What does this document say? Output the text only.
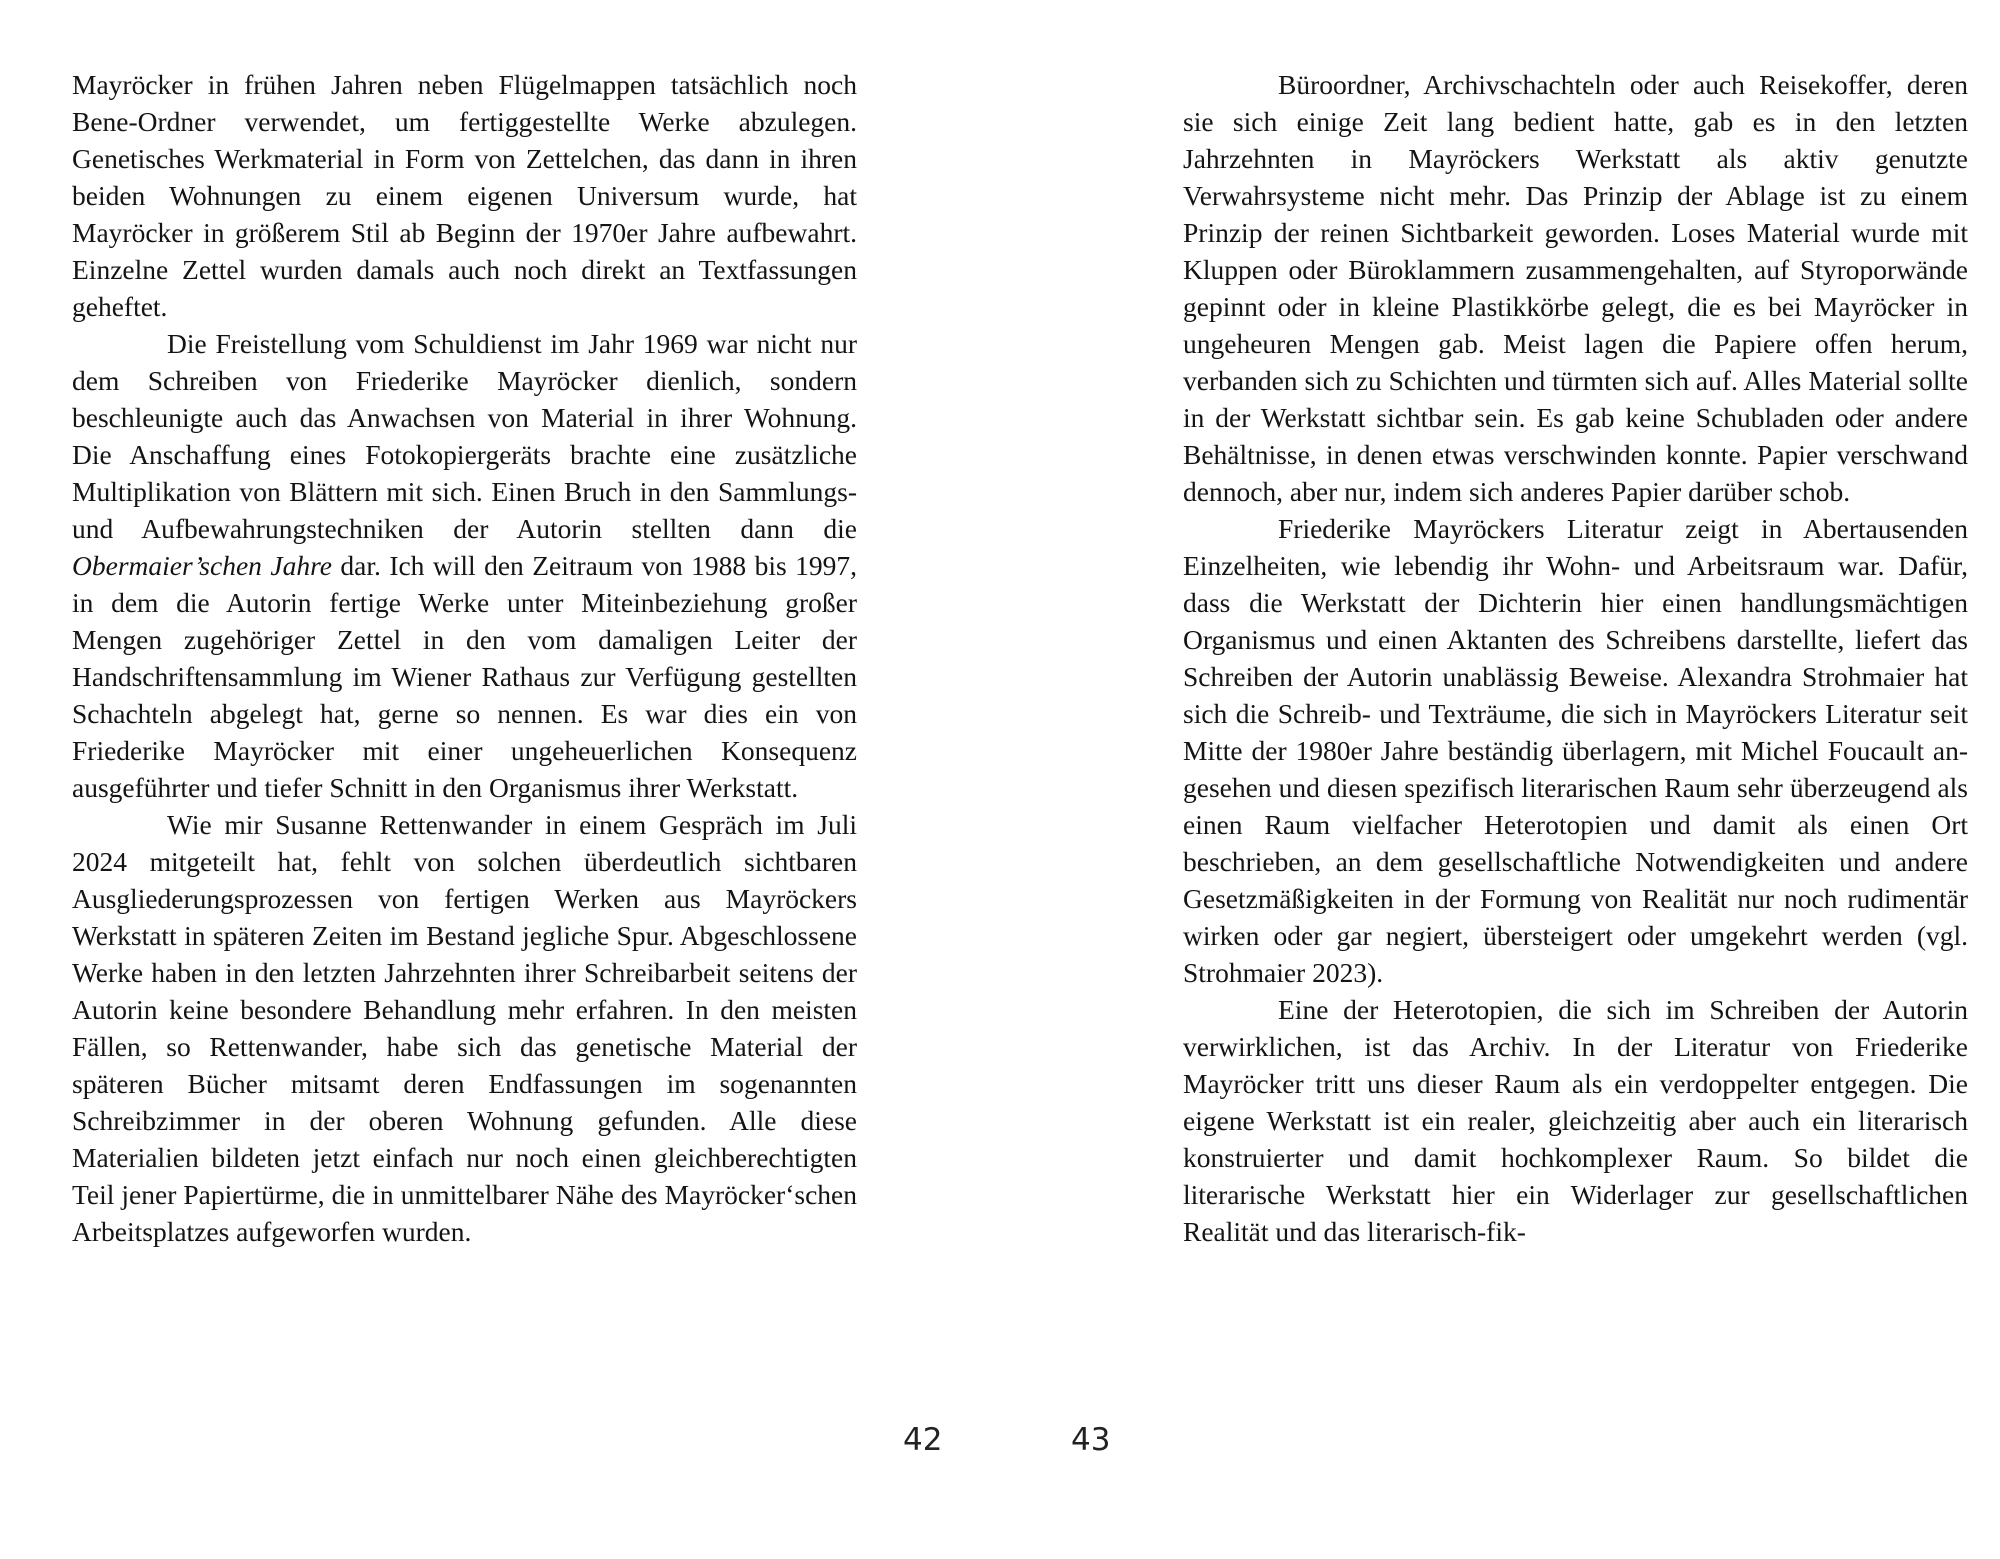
Mayröcker in frühen Jahren neben Flügelmappen tatsächlich noch Bene-Ordner verwendet, um fertiggestellte Werke abzulegen. Genetisches Werkmaterial in Form von Zettelchen, das dann in ihren beiden Wohnungen zu einem eigenen Universum wurde, hat Mayröcker in größerem Stil ab Beginn der 1970er Jahre aufbewahrt. Einzelne Zettel wurden damals auch noch direkt an Textfassungen geheftet.

Die Freistellung vom Schuldienst im Jahr 1969 war nicht nur dem Schreiben von Friederike Mayröcker dienlich, sondern beschleunigte auch das Anwachsen von Material in ihrer Wohnung. Die Anschaffung eines Fotokopiergeräts brachte eine zusätzliche Multiplikation von Blättern mit sich. Einen Bruch in den Sammlungs- und Aufbewahrungstechniken der Autorin stellten dann die Obermaier’schen Jahre dar. Ich will den Zeitraum von 1988 bis 1997, in dem die Autorin fertige Werke unter Miteinbeziehung großer Mengen zugehöriger Zettel in den vom damaligen Leiter der Handschriftensammlung im Wiener Rathaus zur Verfügung gestellten Schachteln abgelegt hat, gerne so nennen. Es war dies ein von Friederike Mayröcker mit einer ungeheuerlichen Konsequenz ausgeführter und tiefer Schnitt in den Organismus ihrer Werkstatt.

Wie mir Susanne Rettenwander in einem Gespräch im Juli 2024 mitgeteilt hat, fehlt von solchen überdeutlich sichtbaren Ausgliederungsprozessen von fertigen Werken aus Mayröckers Werkstatt in späteren Zeiten im Bestand jegliche Spur. Abgeschlossene Werke haben in den letzten Jahrzehnten ihrer Schreibarbeit seitens der Autorin keine besondere Behandlung mehr erfahren. In den meisten Fällen, so Rettenwander, habe sich das genetische Material der späteren Bücher mitsamt deren Endfassungen im sogenannten Schreibzimmer in der oberen Wohnung gefunden. Alle diese Materialien bildeten jetzt einfach nur noch einen gleichberechtigten Teil jener Papiertürme, die in unmittelbarer Nähe des Mayröcker‘schen Arbeitsplatzes aufgeworfen wurden.

Büroordner, Archivschachteln oder auch Reisekoffer, deren sie sich einige Zeit lang bedient hatte, gab es in den letzten Jahrzehnten in Mayröckers Werkstatt als aktiv genutzte Verwahrsysteme nicht mehr. Das Prinzip der Ablage ist zu einem Prinzip der reinen Sichtbarkeit geworden. Loses Material wurde mit Kluppen oder Büroklammern zusammengehalten, auf Styroporwände gepinnt oder in kleine Plastikkörbe gelegt, die es bei Mayröcker in ungeheuren Mengen gab. Meist lagen die Papiere offen herum, verbanden sich zu Schichten und türmten sich auf. Alles Material sollte in der Werkstatt sichtbar sein. Es gab keine Schubladen oder andere Behältnisse, in denen etwas verschwinden konnte. Papier verschwand dennoch, aber nur, indem sich anderes Papier darüber schob.

Friederike Mayröckers Literatur zeigt in Abertausenden Einzelheiten, wie lebendig ihr Wohn- und Arbeitsraum war. Dafür, dass die Werkstatt der Dichterin hier einen handlungsmächtigen Organismus und einen Aktanten des Schreibens darstellte, liefert das Schreiben der Autorin unablässig Beweise. Alexandra Strohmaier hat sich die Schreib- und Texträume, die sich in Mayröckers Literatur seit Mitte der 1980er Jahre beständig überlagern, mit Michel Foucault angesehen und diesen spezifisch literarischen Raum sehr überzeugend als einen Raum vielfacher Heterotopien und damit als einen Ort beschrieben, an dem gesellschaftliche Notwendigkeiten und andere Gesetzmäßigkeiten in der Formung von Realität nur noch rudimentär wirken oder gar negiert, übersteigert oder umgekehrt werden (vgl. Strohmaier 2023).

Eine der Heterotopien, die sich im Schreiben der Autorin verwirklichen, ist das Archiv. In der Literatur von Friederike Mayröcker tritt uns dieser Raum als ein verdoppelter entgegen. Die eigene Werkstatt ist ein realer, gleichzeitig aber auch ein literarisch konstruierter und damit hochkomplexer Raum. So bildet die literarische Werkstatt hier ein Widerlager zur gesellschaftlichen Realität und das literarisch-fik-

42	43
